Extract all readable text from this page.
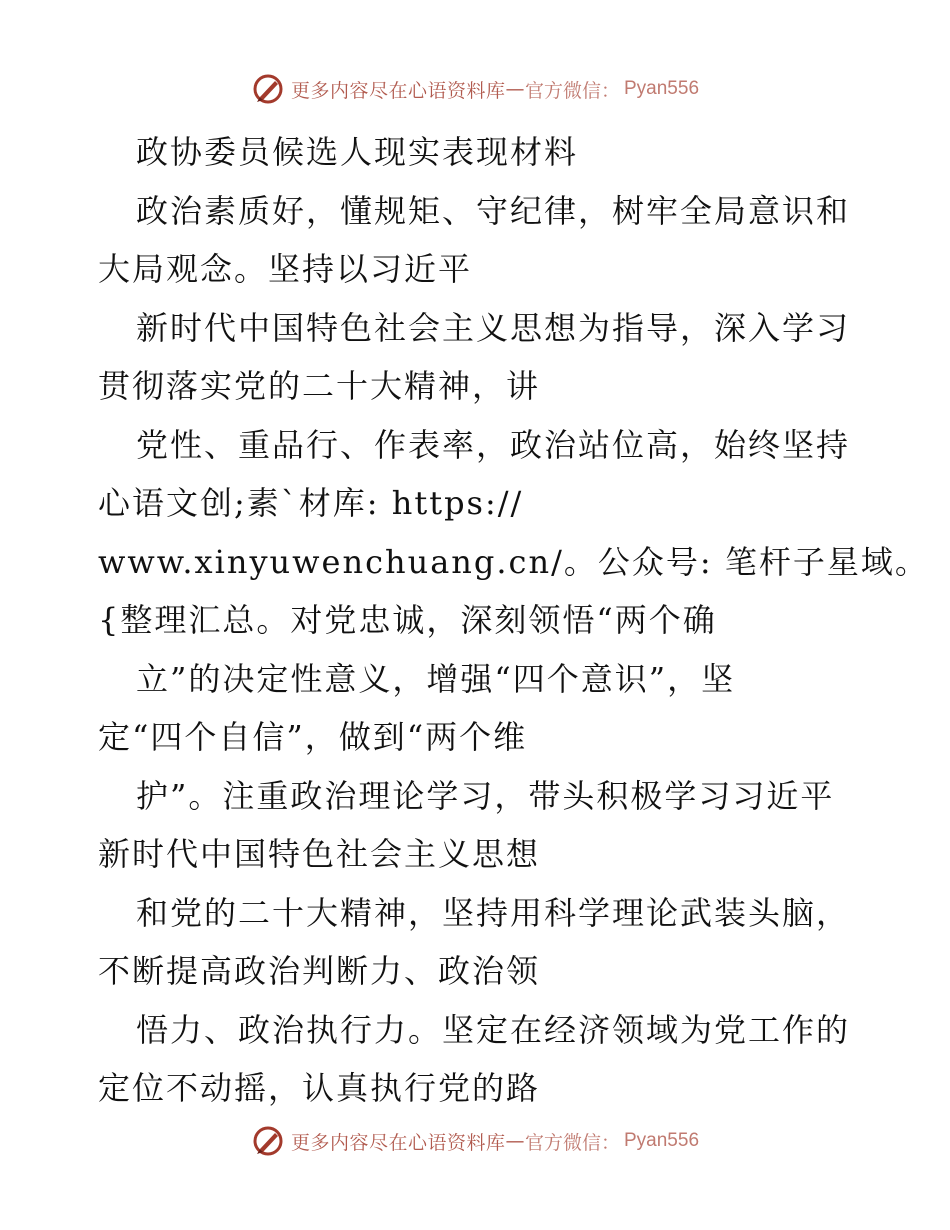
更多内容尽在心语资料库 — 官方微信： Pyan556
政协委员候选人现实表现材料
政治素质好，懂规矩、守纪律，树牢全局意识和
大局观念。坚持以习近平
新时代中国特色社会主义思想为指导，深入学习
贯彻落实党的二十大精神，讲
党性、重品行、作表率，政治站位高，始终坚持
心语文创;素`材库: https://
www.xinyuwenchuang.cn/。公众号: 笔杆子星域。
{整理汇总。对党忠诚，深刻领悟“两个确
立”的决定性意义，增强“四个意识”，坚
定“四个自信”，做到“两个维
护”。注重政治理论学习，带头积极学习习近平
新时代中国特色社会主义思想
和党的二十大精神，坚持用科学理论武装头脑，
不断提高政治判断力、政治领
悟力、政治执行力。坚定在经济领域为党工作的
定位不动摇，认真执行党的路
更多内容尽在心语资料库 — 官方微信： Pyan556
